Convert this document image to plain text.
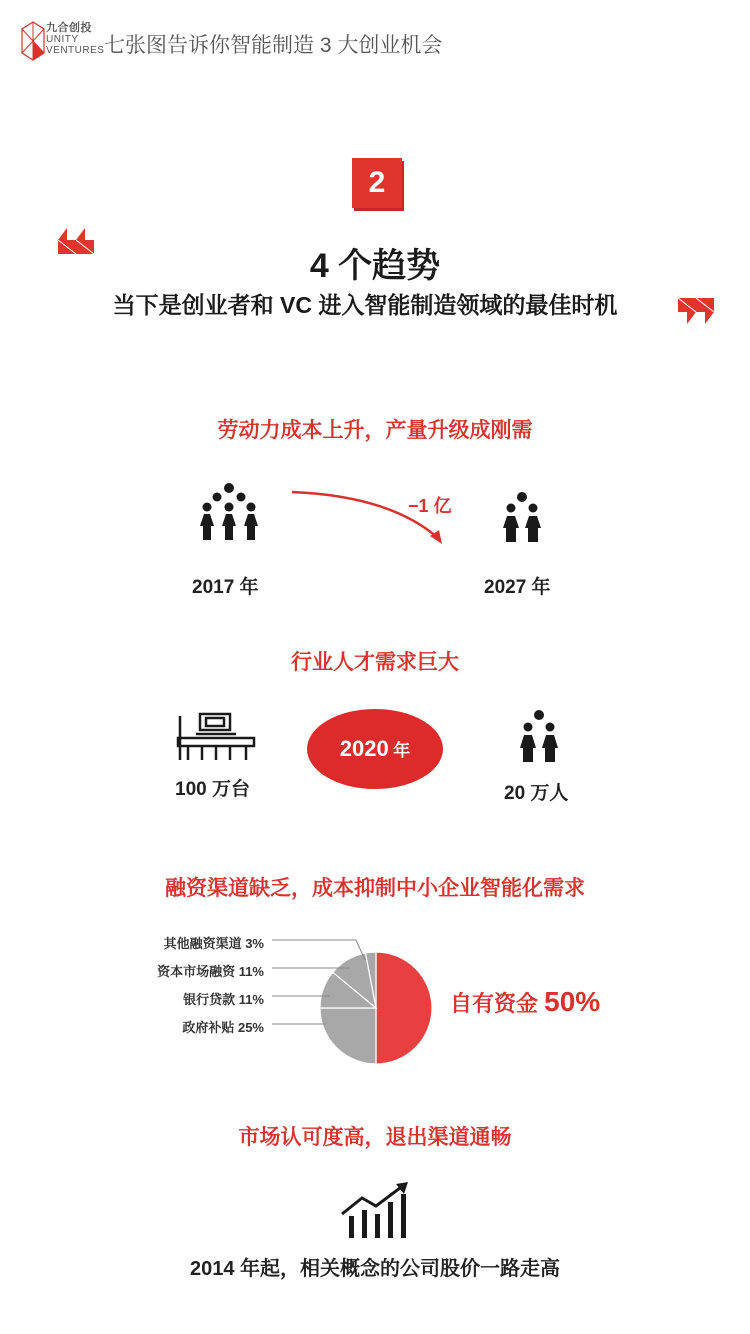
九合创投
UNITY
VENTURES 七张图告诉你智能制造 3 大创业机会
2
4 个趋势
当下是创业者和 VC 进入智能制造领域的最佳时机
劳动力成本上升，产量升级成刚需
−1 亿
2017 年	2027 年
行业人才需求巨大
100 万台
2020 年
20 万人
融资渠道缺乏，成本抑制中小企业智能化需求
其他融资渠道 3%
资本市场融资 11%
银行贷款 11%
政府补贴 25%
自有资金 50%
市场认可度高，退出渠道通畅
2014 年起，相关概念的公司股价一路走高
